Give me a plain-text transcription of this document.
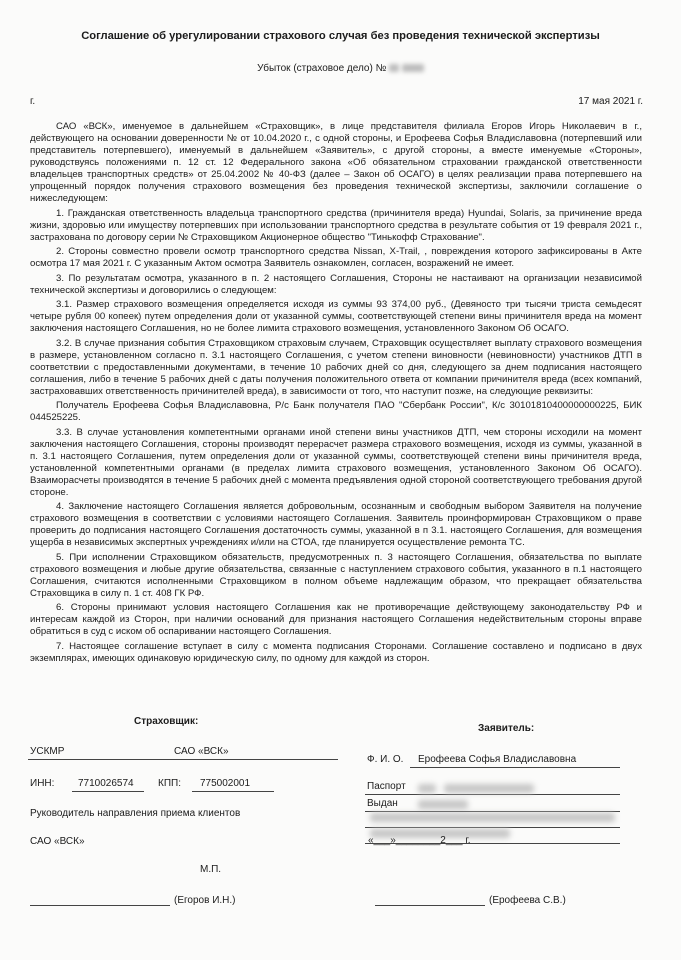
Соглашение об урегулировании страхового случая без проведения технической экспертизы
Убыток (страховое дело) №
г.	17 мая 2021 г.

САО «ВСК», именуемое в дальнейшем «Страховщик», в лице представителя филиала Егоров Игорь Николаевич в г., действующего на основании доверенности № от 10.04.2020 г., с одной стороны, и Ерофеева Софья Владиславовна (потерпевший или представитель потерпевшего), именуемый в дальнейшем «Заявитель», с другой стороны, а вместе именуемые «Стороны», руководствуясь положениями п. 12 ст. 12 Федерального закона «Об обязательном страховании гражданской ответственности владельцев транспортных средств» от 25.04.2002 № 40-ФЗ (далее – Закон об ОСАГО) в целях реализации права потерпевшего на упрощенный порядок получения страхового возмещения без проведения технической экспертизы, заключили соглашение о нижеследующем:

1. Гражданская ответственность владельца транспортного средства (причинителя вреда) Hyundai, Solaris, за причинение вреда жизни, здоровью или имуществу потерпевших при использовании транспортного средства в результате события от 19 февраля 2021 г., застрахована по договору серии № Страховщиком Акционерное общество "Тинькофф Страхование".

2. Стороны совместно провели осмотр транспортного средства Nissan, X-Trail, , повреждения которого зафиксированы в Акте осмотра 17 мая 2021 г. С указанным Актом осмотра Заявитель ознакомлен, согласен, возражений не имеет.

3. По результатам осмотра, указанного в п. 2 настоящего Соглашения, Стороны не настаивают на организации независимой технической экспертизы и договорились о следующем:

3.1. Размер страхового возмещения определяется исходя из суммы 93 374,00 руб., (Девяносто три тысячи триста семьдесят четыре рубля 00 копеек) путем определения доли от указанной суммы, соответствующей степени вины причинителя вреда на момент заключения настоящего Соглашения, но не более лимита страхового возмещения, установленного Законом Об ОСАГО.

3.2. В случае признания события Страховщиком страховым случаем, Страховщик осуществляет выплату страхового возмещения в размере, установленном согласно п. 3.1 настоящего Соглашения, с учетом степени виновности (невиновности) участников ДТП в соответствии с предоставленными документами, в течение 10 рабочих дней со дня, следующего за днем подписания настоящего соглашения, либо в течение 5 рабочих дней с даты получения положительного ответа от компании причинителя вреда (всех компаний, застраховавших ответственность причинителей вреда), в зависимости от того, что наступит позже, на следующие реквизиты:

Получатель Ерофеева Софья Владиславовна, Р/с Банк получателя ПАО "Сбербанк России", К/с 30101810400000000225, БИК 044525225.

3.3. В случае установления компетентными органами иной степени вины участников ДТП, чем стороны исходили на момент заключения настоящего Соглашения, стороны производят перерасчет размера страхового возмещения, исходя из суммы, указанной в п. 3.1 настоящего Соглашения, путем определения доли от указанной суммы, соответствующей степени вины причинителя вреда, установленной компетентными органами (в пределах лимита страхового возмещения, установленного Законом Об ОСАГО). Взаиморасчеты производятся в течение 5 рабочих дней с момента предъявления одной стороной соответствующего требования другой стороне.

4. Заключение настоящего Соглашения является добровольным, осознанным и свободным выбором Заявителя на получение страхового возмещения в соответствии с условиями настоящего Соглашения. Заявитель проинформирован Страховщиком о праве проверить до подписания настоящего Соглашения достаточность суммы, указанной в п 3.1. настоящего Соглашения, для возмещения ущерба в независимых экспертных учреждениях и/или на СТОА, где планируется осуществление ремонта ТС.

5. При исполнении Страховщиком обязательств, предусмотренных п. 3 настоящего Соглашения, обязательства по выплате страхового возмещения и любые другие обязательства, связанные с наступлением страхового события, указанного в п.1 настоящего Соглашения, считаются исполненными Страховщиком в полном объеме надлежащим образом, что прекращает обязательства Страховщика в силу п. 1 ст. 408 ГК РФ.

6. Стороны принимают условия настоящего Соглашения как не противоречащие действующему законодательству РФ и интересам каждой из Сторон, при наличии оснований для признания настоящего Соглашения недействительным стороны вправе обратиться в суд с иском об оспаривании настоящего Соглашения.

7. Настоящее соглашение вступает в силу с момента подписания Сторонами. Соглашение составлено и подписано в двух экземплярах, имеющих одинаковую юридическую силу, по одному для каждой из сторон.

Страховщик:
УСКМР	САО «ВСК»
ИНН: 7710026574 КПП: 775002001
Руководитель направления приема клиентов
САО «ВСК»
М.П.
(Егоров И.Н.)
Заявитель:
Ф. И. О. Ерофеева Софья Владиславовна
Паспорт
Выдан
«___»________2___ г.
(Ерофеева С.В.)
